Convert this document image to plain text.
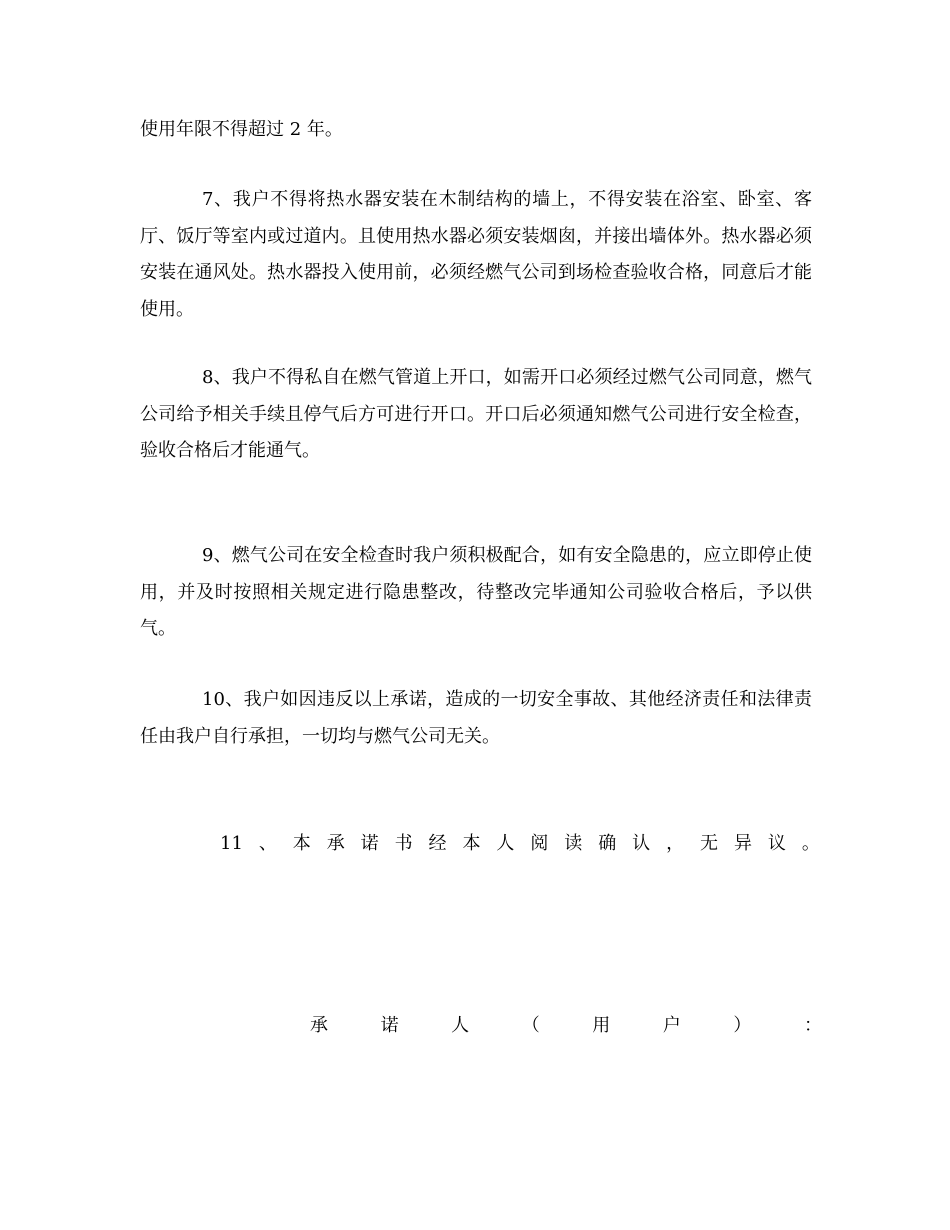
使用年限不得超过 2 年。

7、我户不得将热水器安装在木制结构的墙上，不得安装在浴室、卧室、客厅、饭厅等室内或过道内。且使用热水器必须安装烟囱，并接出墙体外。热水器必须安装在通风处。热水器投入使用前，必须经燃气公司到场检查验收合格，同意后才能使用。

8、我户不得私自在燃气管道上开口，如需开口必须经过燃气公司同意，燃气公司给予相关手续且停气后方可进行开口。开口后必须通知燃气公司进行安全检查，验收合格后才能通气。

9、燃气公司在安全检查时我户须积极配合，如有安全隐患的，应立即停止使用，并及时按照相关规定进行隐患整改，待整改完毕通知公司验收合格后，予以供气。

10、我户如因违反以上承诺，造成的一切安全事故、其他经济责任和法律责任由我户自行承担，一切均与燃气公司无关。

11 、 本 承 诺 书 经 本 人 阅 读 确 认 ， 无 异 议 。
承	诺	人	（	用	户	）	：
